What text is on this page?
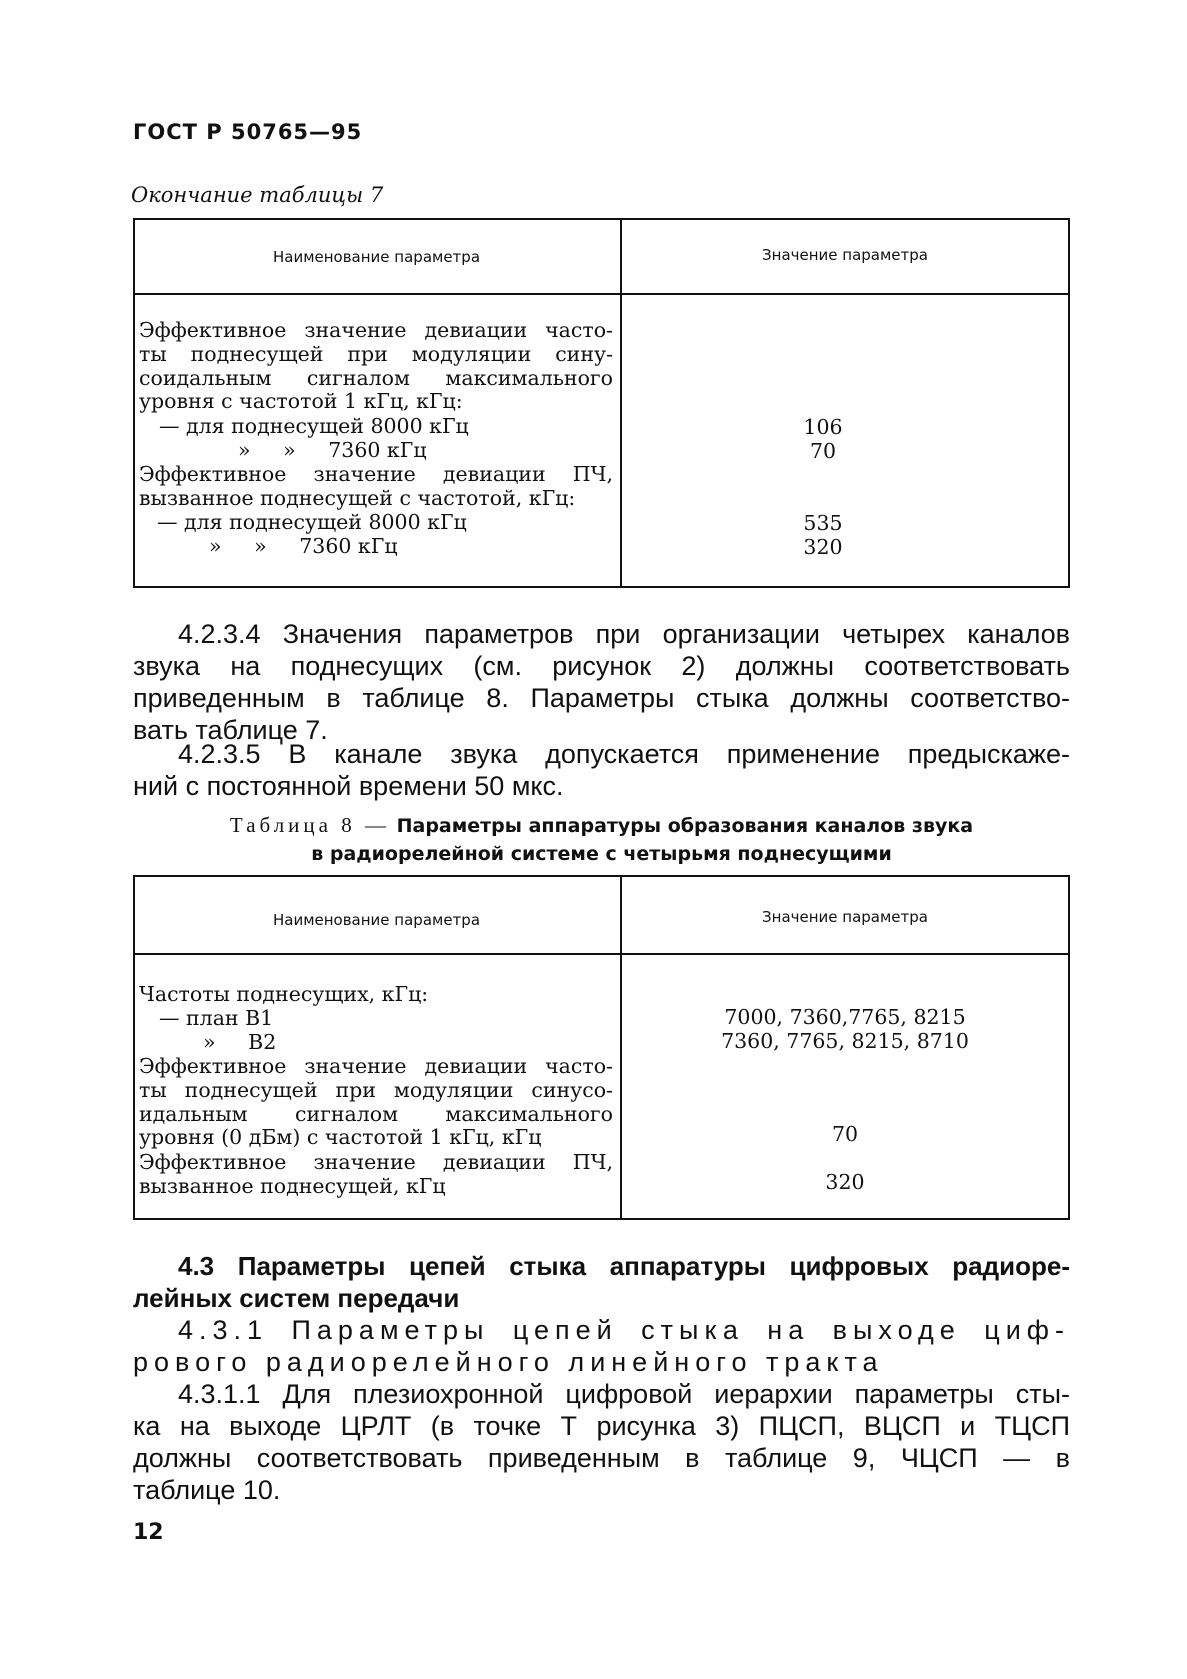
ГОСТ Р 50765—95
Окончание таблицы 7
Наименование параметра	Значение параметра
Эффективное значение девиации часто-
ты поднесущей при модуляции сину-
соидальным сигналом максимального
уровня с частотой 1 кГц, кГц:
— для поднесущей 8000 кГц
»     »     7360 кГц
Эффективное значение девиации ПЧ,
вызванное поднесущей с частотой, кГц:
— для поднесущей 8000 кГц
»     »     7360 кГц
106
70
535
320
4.2.3.4 Значения параметров при организации четырех каналов
звука на поднесущих (см. рисунок 2) должны соответствовать
приведенным в таблице 8. Параметры стыка должны соответство-
вать таблице 7.
4.2.3.5 В канале звука допускается применение предыскаже-
ний с постоянной времени 50 мкс.
Таблица 8 — Параметры аппаратуры образования каналов звука
в радиорелейной системе с четырьмя поднесущими
Наименование параметра	Значение параметра
Частоты поднесущих, кГц:
— план В1
»     В2
Эффективное значение девиации часто-
ты поднесущей при модуляции синусо-
идальным сигналом максимального
уровня (0 дБм) с частотой 1 кГц, кГц
Эффективное значение девиации ПЧ,
вызванное поднесущей, кГц
7000, 7360,7765, 8215
7360, 7765, 8215, 8710
70
320
4.3 Параметры цепей стыка аппаратуры цифровых радиоре-
лейных систем передачи
4.3.1 Параметры цепей стыка на выходе циф-
рового радиорелейного линейного тракта
4.3.1.1 Для плезиохронной цифровой иерархии параметры сты-
ка на выходе ЦРЛТ (в точке Т рисунка 3) ПЦСП, ВЦСП и ТЦСП
должны соответствовать приведенным в таблице 9, ЧЦСП — в
таблице 10.
12
